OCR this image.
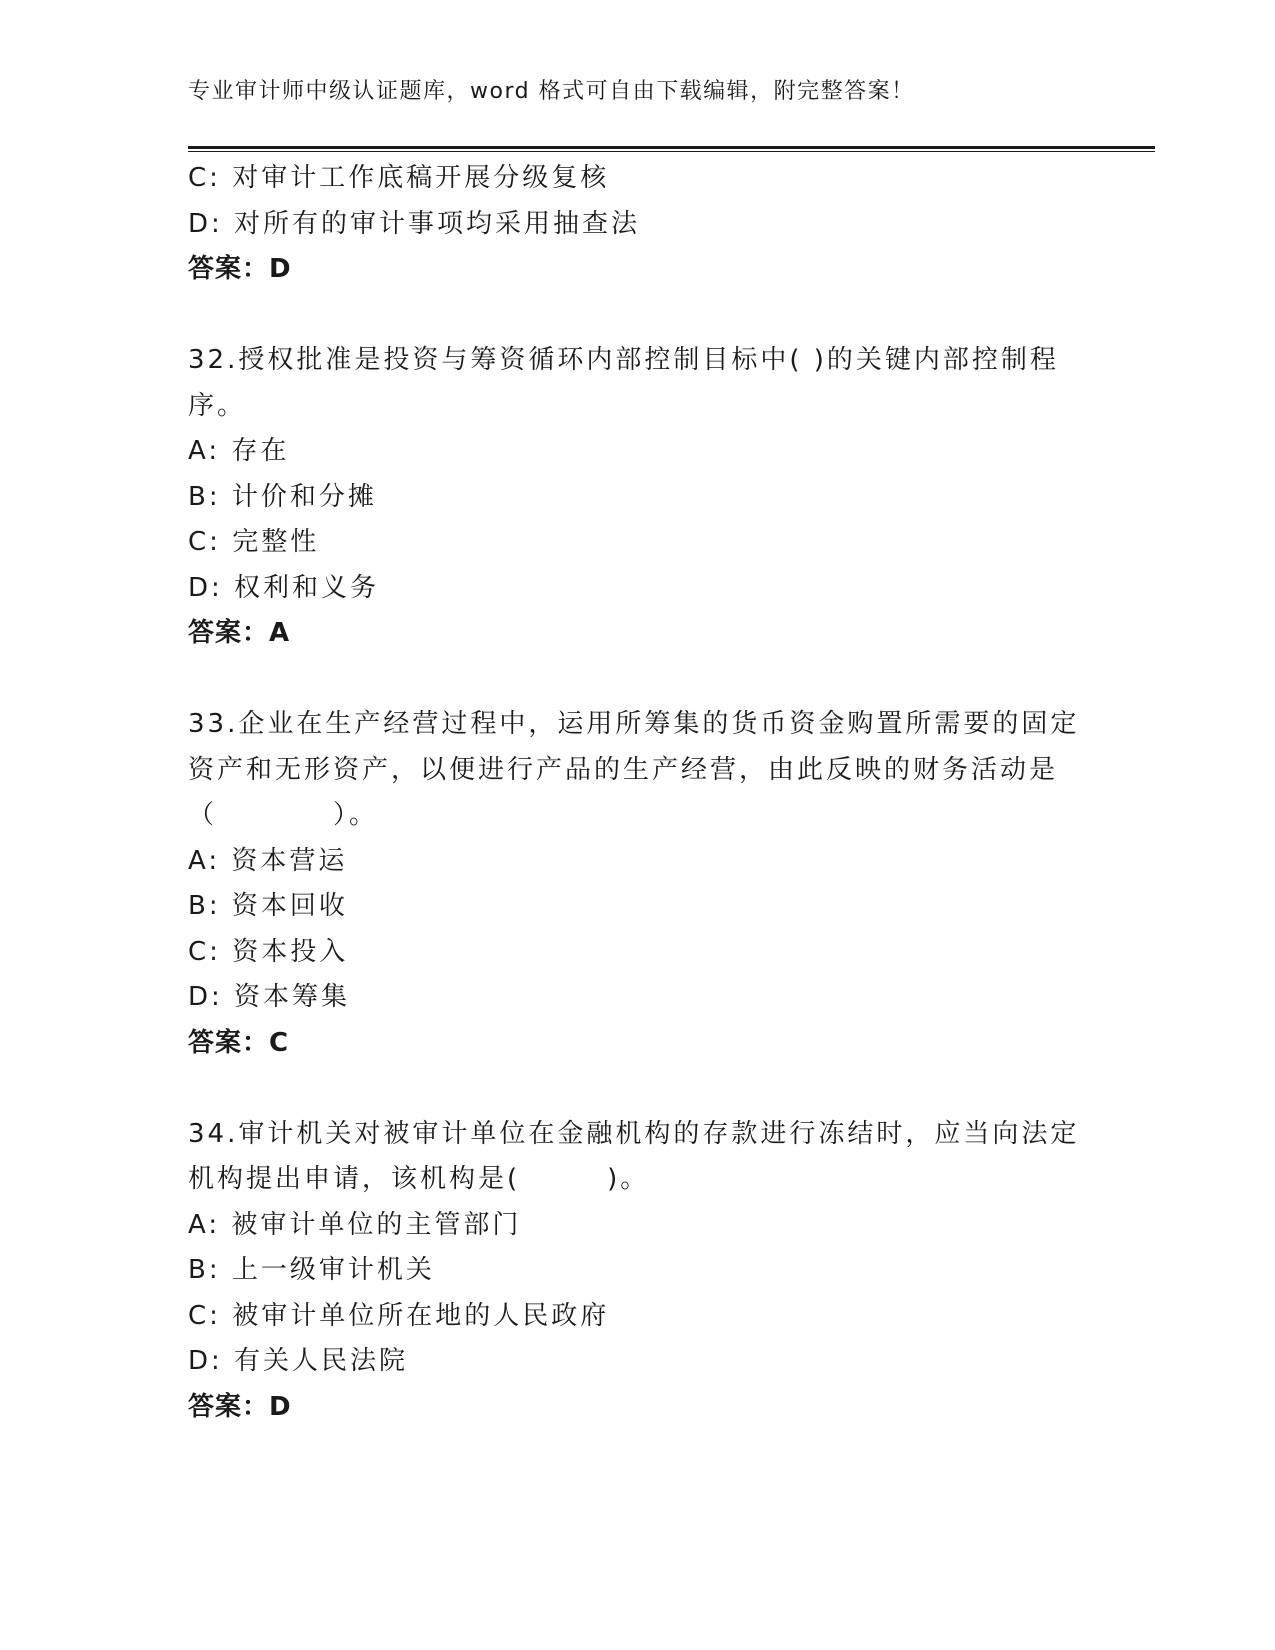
专业审计师中级认证题库，word 格式可自由下载编辑，附完整答案！
C: 对审计工作底稿开展分级复核
D: 对所有的审计事项均采用抽查法
答案：D
32.授权批准是投资与筹资循环内部控制目标中( )的关键内部控制程
序。
A: 存在
B: 计价和分摊
C: 完整性
D: 权利和义务
答案：A
33.企业在生产经营过程中，运用所筹集的货币资金购置所需要的固定
资产和无形资产，以便进行产品的生产经营，由此反映的财务活动是
（　　　　）。
A: 资本营运
B: 资本回收
C: 资本投入
D: 资本筹集
答案：C
34.审计机关对被审计单位在金融机构的存款进行冻结时，应当向法定
机构提出申请，该机构是(　　　)。
A: 被审计单位的主管部门
B: 上一级审计机关
C: 被审计单位所在地的人民政府
D: 有关人民法院
答案：D
